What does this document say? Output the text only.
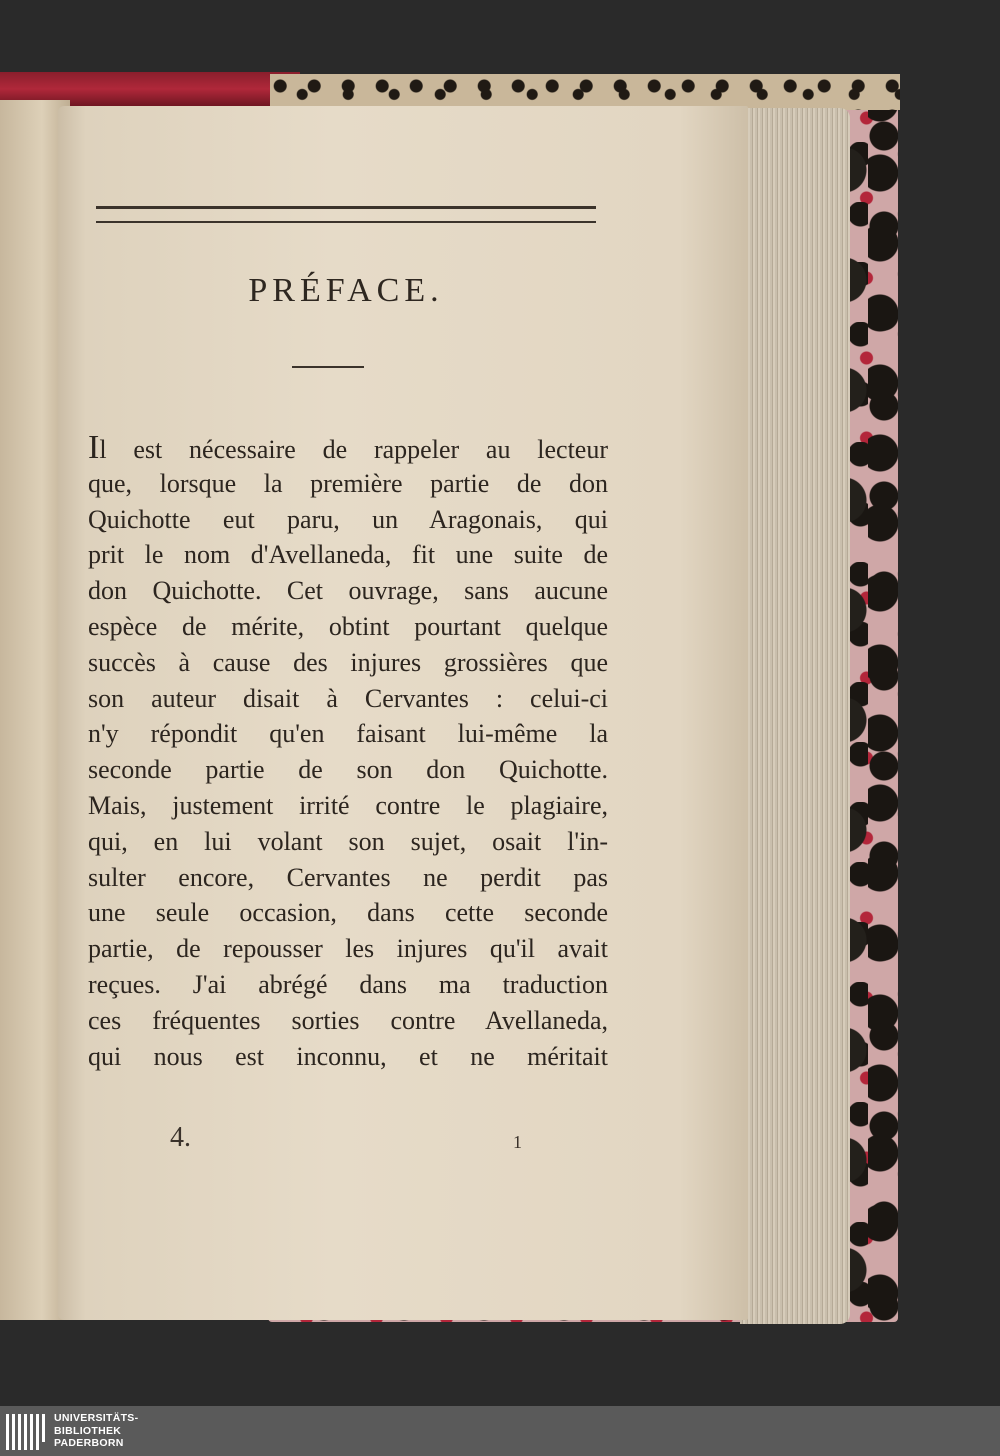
PRÉFACE.
Il est nécessaire de rappeler au lecteur
que, lorsque la première partie de don
Quichotte eut paru, un Aragonais, qui
prit le nom d'Avellaneda, fit une suite de
don Quichotte. Cet ouvrage, sans aucune
espèce de mérite, obtint pourtant quelque
succès à cause des injures grossières que
son auteur disait à Cervantes : celui-ci
n'y répondit qu'en faisant lui-même la
seconde partie de son don Quichotte.
Mais, justement irrité contre le plagiaire,
qui, en lui volant son sujet, osait l'in-
sulter encore, Cervantes ne perdit pas
une seule occasion, dans cette seconde
partie, de repousser les injures qu'il avait
reçues. J'ai abrégé dans ma traduction
ces fréquentes sorties contre Avellaneda,
qui nous est inconnu, et ne méritait
4.	1
UNIVERSITÄTS-
BIBLIOTHEK
PADERBORN
